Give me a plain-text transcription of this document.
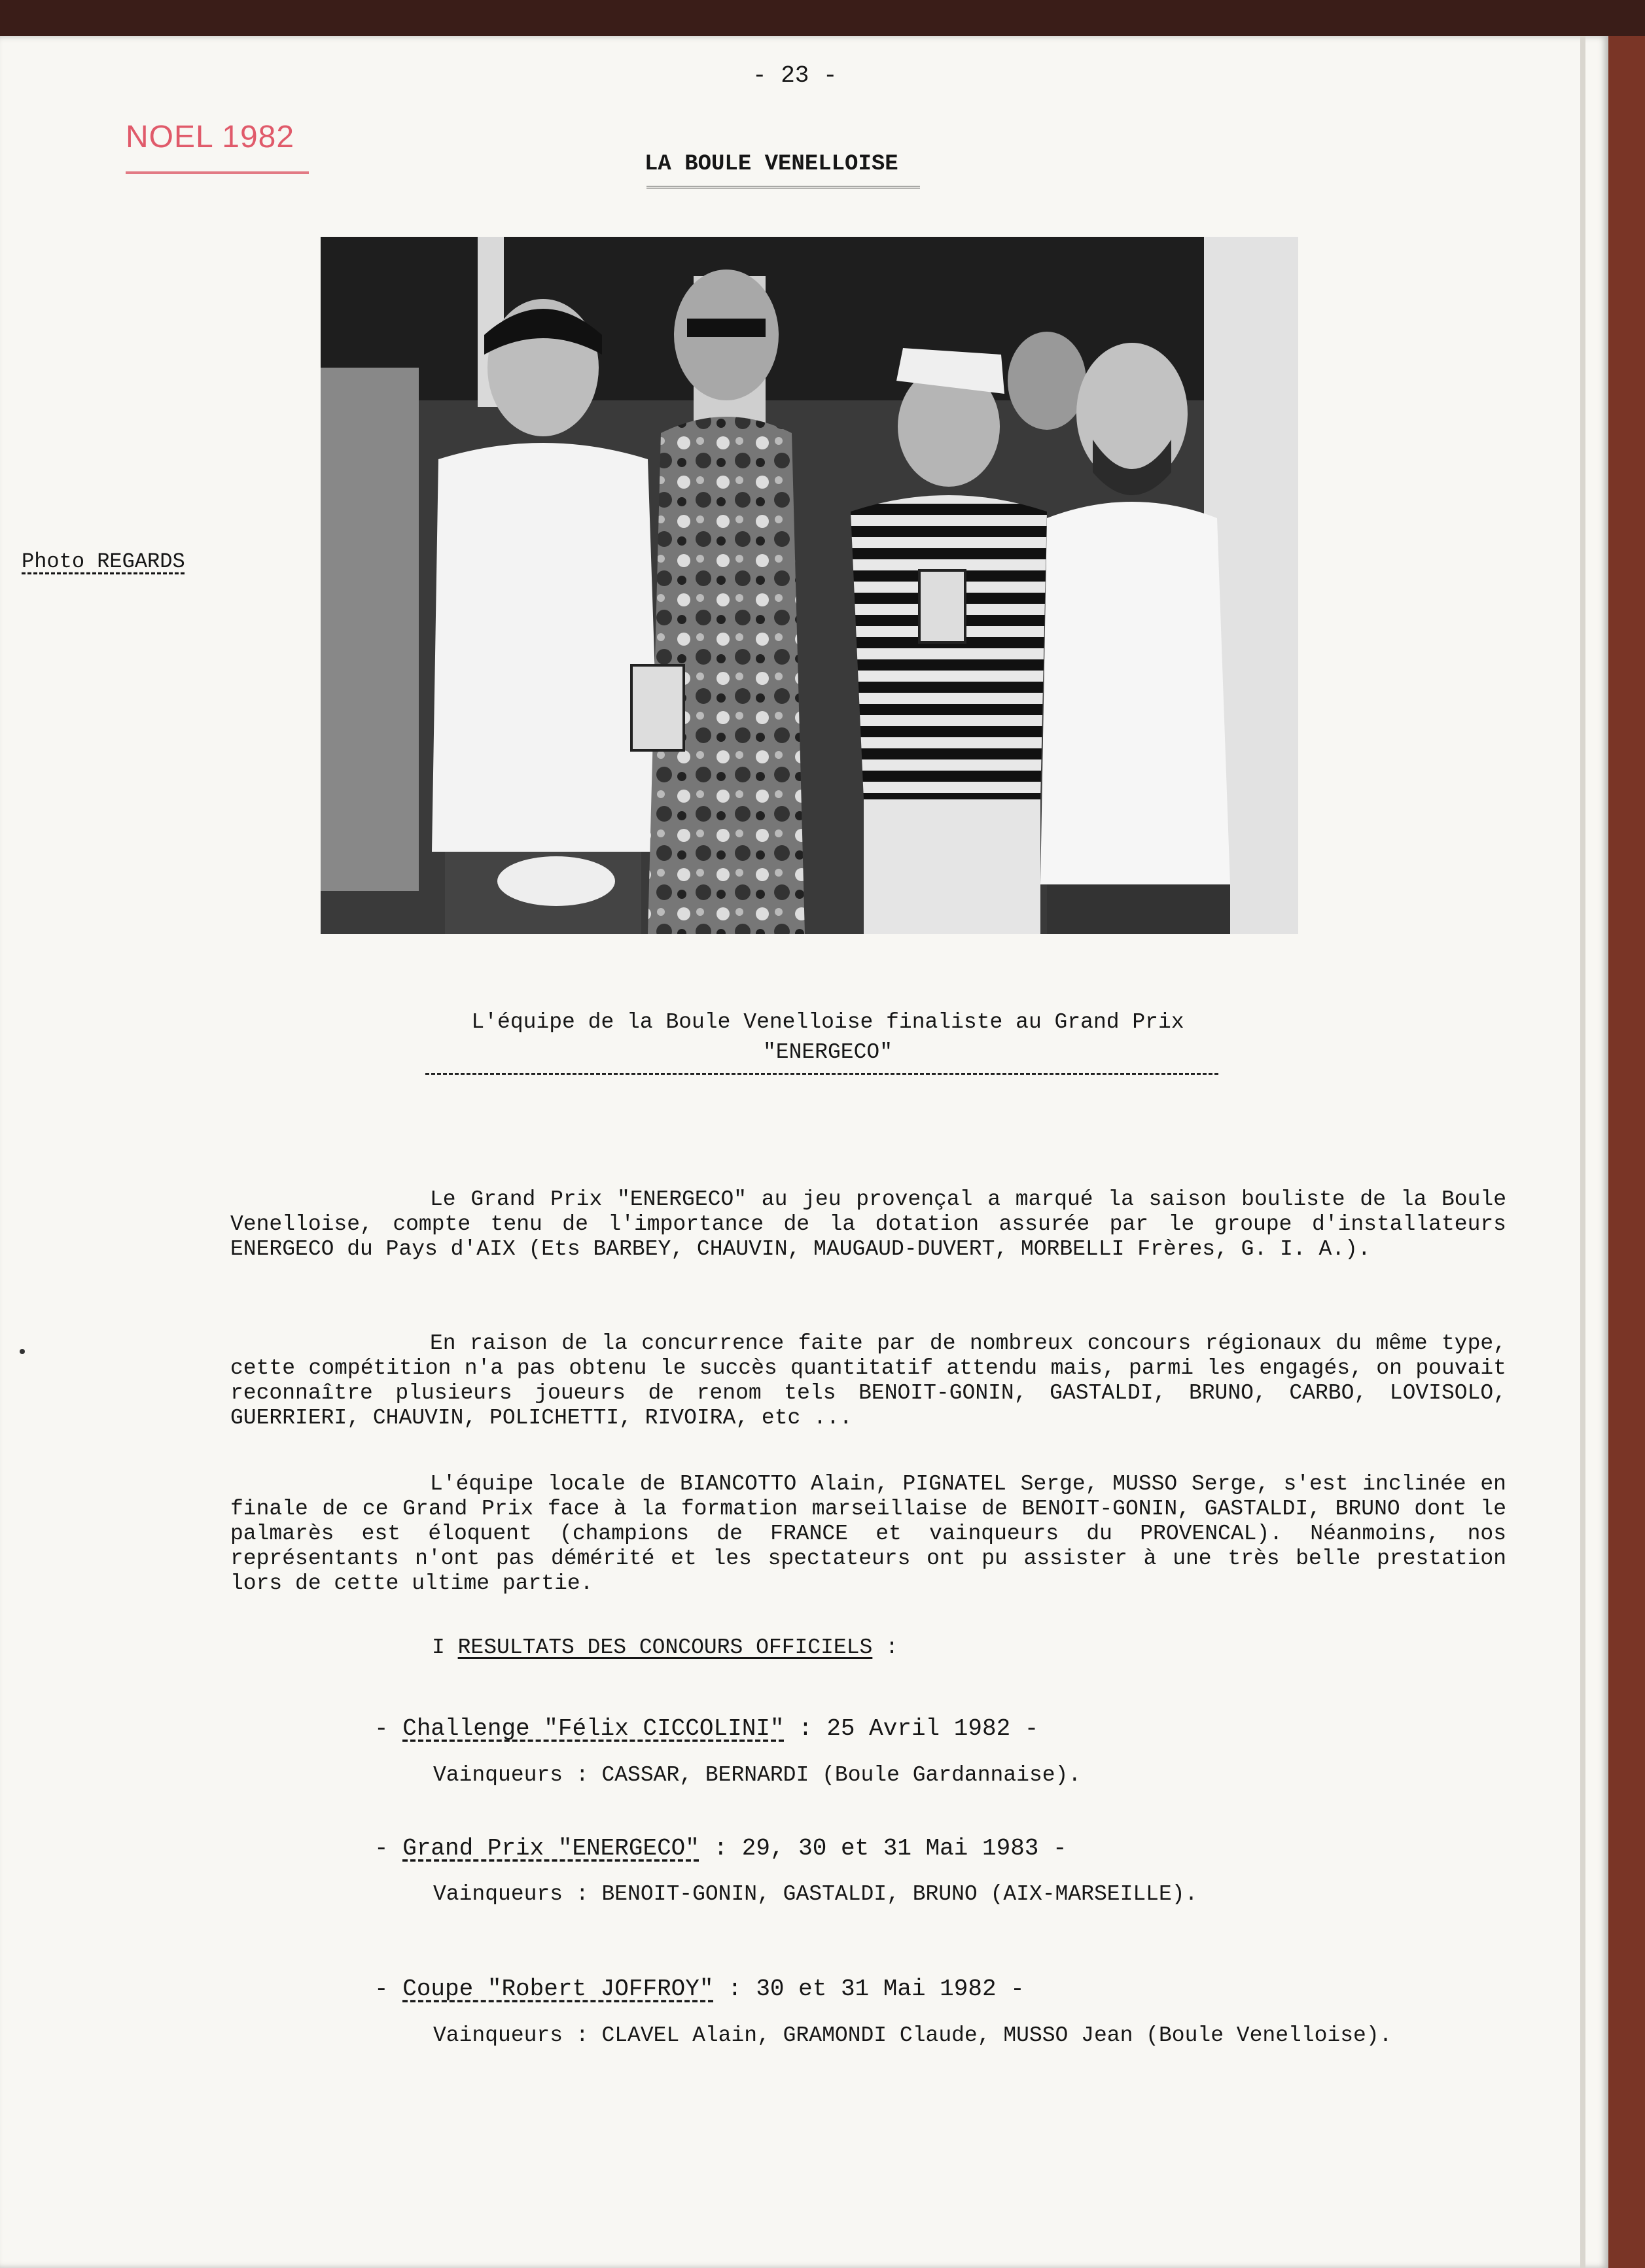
- 23 -
NOEL 1982
LA BOULE VENELLOISE
Photo REGARDS
L'équipe de la Boule Venelloise finaliste au Grand Prix
"ENERGECO"
Le Grand Prix "ENERGECO" au jeu provençal a marqué la saison bouliste de la Boule Venelloise, compte tenu de l'importance de la dotation assurée par le groupe d'installateurs ENERGECO du Pays d'AIX (Ets BARBEY, CHAUVIN, MAUGAUD-DUVERT, MORBELLI Frères, G. I. A.).
En raison de la concurrence faite par de nombreux concours régionaux du même type, cette compétition n'a pas obtenu le succès quantitatif attendu mais, parmi les engagés, on pouvait reconnaître plusieurs joueurs de renom tels BENOIT-GONIN, GASTALDI, BRUNO, CARBO, LOVISOLO, GUERRIERI, CHAUVIN, POLICHETTI, RIVOIRA, etc ...
L'équipe locale de BIANCOTTO Alain, PIGNATEL Serge, MUSSO Serge, s'est inclinée en finale de ce Grand Prix face à la formation marseillaise de BENOIT-GONIN, GASTALDI, BRUNO dont le palmarès est éloquent (champions de FRANCE et vainqueurs du PROVENCAL). Néanmoins, nos représentants n'ont pas démérité et les spectateurs ont pu assister à une très belle prestation lors de cette ultime partie.
I RESULTATS DES CONCOURS OFFICIELS :
- Challenge "Félix CICCOLINI" : 25 Avril 1982 -
Vainqueurs : CASSAR, BERNARDI (Boule Gardannaise).
- Grand Prix "ENERGECO" : 29, 30 et 31 Mai 1983 -
Vainqueurs : BENOIT-GONIN, GASTALDI, BRUNO (AIX-MARSEILLE).
- Coupe "Robert JOFFROY" : 30 et 31 Mai 1982 -
Vainqueurs : CLAVEL Alain, GRAMONDI Claude, MUSSO Jean (Boule Venelloise).
